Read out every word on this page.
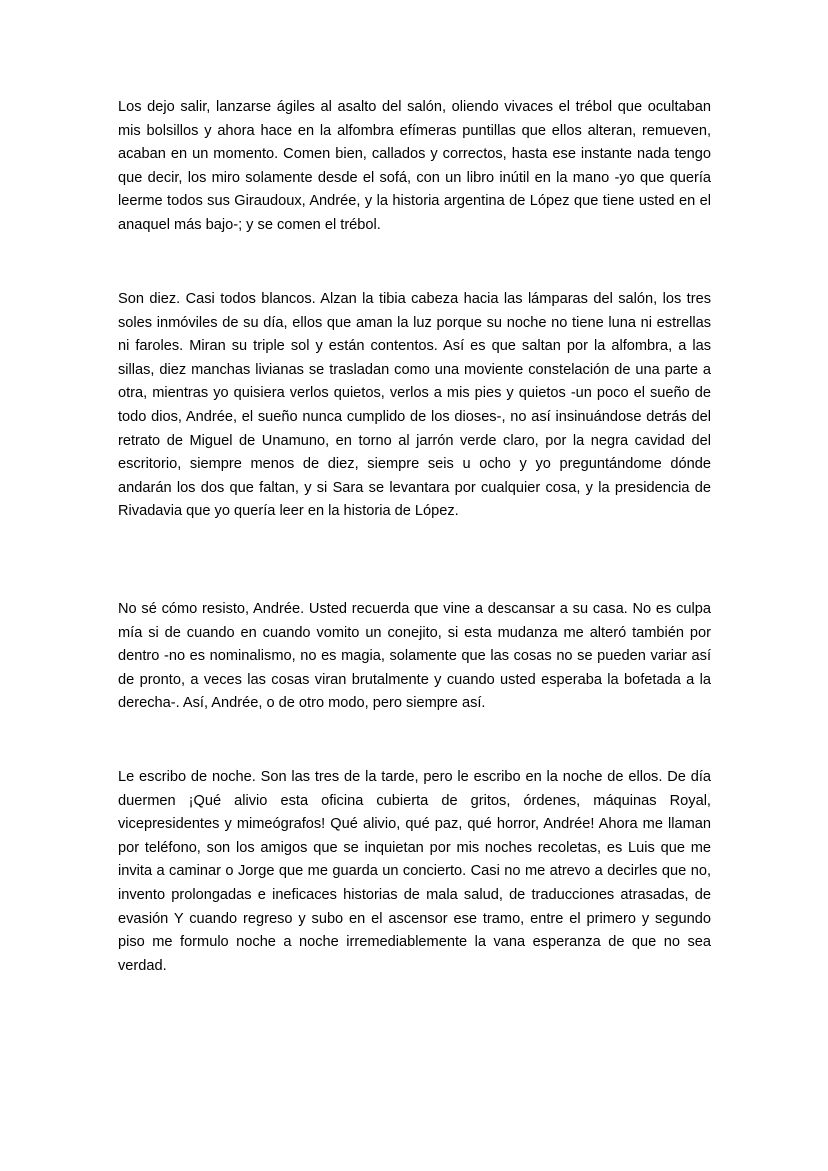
Los dejo salir, lanzarse ágiles al asalto del salón, oliendo vivaces el trébol que ocultaban mis bolsillos y ahora hace en la alfombra efímeras puntillas que ellos alteran, remueven, acaban en un momento. Comen bien, callados y correctos, hasta ese instante nada tengo que decir, los miro solamente desde el sofá, con un libro inútil en la mano -yo que quería leerme todos sus Giraudoux, Andrée, y la historia argentina de López que tiene usted en el anaquel más bajo-; y se comen el trébol.

Son diez. Casi todos blancos. Alzan la tibia cabeza hacia las lámparas del salón, los tres soles inmóviles de su día, ellos que aman la luz porque su noche no tiene luna ni estrellas ni faroles. Miran su triple sol y están contentos. Así es que saltan por la alfombra, a las sillas, diez manchas livianas se trasladan como una moviente constelación de una parte a otra, mientras yo quisiera verlos quietos, verlos a mis pies y quietos -un poco el sueño de todo dios, Andrée, el sueño nunca cumplido de los dioses-, no así insinuándose detrás del retrato de Miguel de Unamuno, en torno al jarrón verde claro, por la negra cavidad del escritorio, siempre menos de diez, siempre seis u ocho y yo preguntándome dónde andarán los dos que faltan, y si Sara se levantara por cualquier cosa, y la presidencia de Rivadavia que yo quería leer en la historia de López.

No sé cómo resisto, Andrée. Usted recuerda que vine a descansar a su casa. No es culpa mía si de cuando en cuando vomito un conejito, si esta mudanza me alteró también por dentro -no es nominalismo, no es magia, solamente que las cosas no se pueden variar así de pronto, a veces las cosas viran brutalmente y cuando usted esperaba la bofetada a la derecha-. Así, Andrée, o de otro modo, pero siempre así.

Le escribo de noche. Son las tres de la tarde, pero le escribo en la noche de ellos. De día duermen ¡Qué alivio esta oficina cubierta de gritos, órdenes, máquinas Royal, vicepresidentes y mimeógrafos! Qué alivio, qué paz, qué horror, Andrée! Ahora me llaman por teléfono, son los amigos que se inquietan por mis noches recoletas, es Luis que me invita a caminar o Jorge que me guarda un concierto. Casi no me atrevo a decirles que no, invento prolongadas e ineficaces historias de mala salud, de traducciones atrasadas, de evasión Y cuando regreso y subo en el ascensor ese tramo, entre el primero y segundo piso me formulo noche a noche irremediablemente la vana esperanza de que no sea verdad.
